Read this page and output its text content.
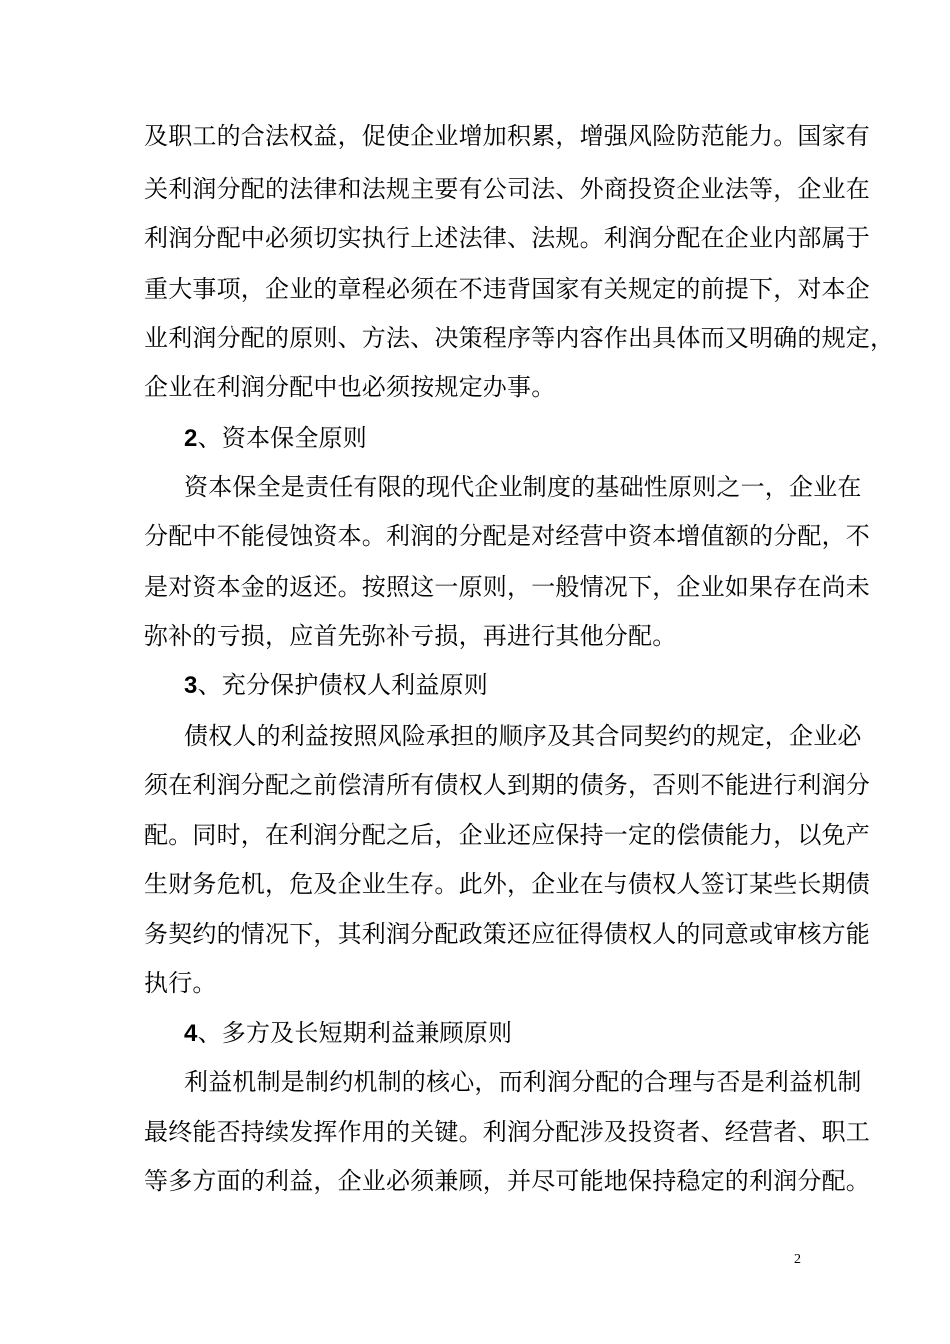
及职工的合法权益，促使企业增加积累，增强风险防范能力。国家有
关利润分配的法律和法规主要有公司法、外商投资企业法等，企业在
利润分配中必须切实执行上述法律、法规。利润分配在企业内部属于
重大事项，企业的章程必须在不违背国家有关规定的前提下，对本企
业利润分配的原则、方法、决策程序等内容作出具体而又明确的规定，
企业在利润分配中也必须按规定办事。
2、资本保全原则
资本保全是责任有限的现代企业制度的基础性原则之一，企业在
分配中不能侵蚀资本。利润的分配是对经营中资本增值额的分配，不
是对资本金的返还。按照这一原则，一般情况下，企业如果存在尚未
弥补的亏损，应首先弥补亏损，再进行其他分配。
3、充分保护债权人利益原则
债权人的利益按照风险承担的顺序及其合同契约的规定，企业必
须在利润分配之前偿清所有债权人到期的债务，否则不能进行利润分
配。同时，在利润分配之后，企业还应保持一定的偿债能力，以免产
生财务危机，危及企业生存。此外，企业在与债权人签订某些长期债
务契约的情况下，其利润分配政策还应征得债权人的同意或审核方能
执行。
4、多方及长短期利益兼顾原则
利益机制是制约机制的核心，而利润分配的合理与否是利益机制
最终能否持续发挥作用的关键。利润分配涉及投资者、经营者、职工
等多方面的利益，企业必须兼顾，并尽可能地保持稳定的利润分配。
2
